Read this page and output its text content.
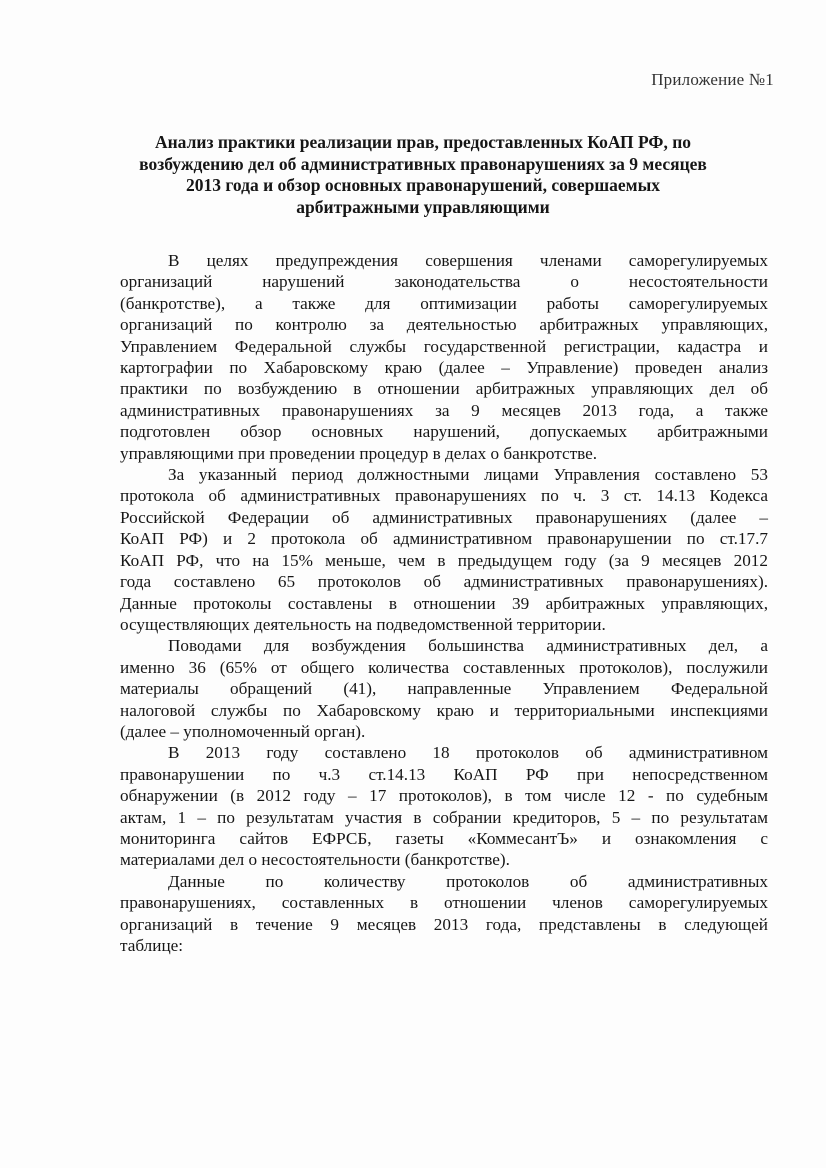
Приложение №1
Анализ практики реализации прав, предоставленных КоАП РФ, по
возбуждению дел об административных правонарушениях за 9 месяцев
2013 года и обзор основных правонарушений, совершаемых
арбитражными управляющими

В целях предупреждения совершения членами саморегулируемых
организаций нарушений законодательства о несостоятельности
(банкротстве), а также для оптимизации работы саморегулируемых
организаций по контролю за деятельностью арбитражных управляющих,
Управлением Федеральной службы государственной регистрации, кадастра и
картографии по Хабаровскому краю (далее – Управление) проведен анализ
практики по возбуждению в отношении арбитражных управляющих дел об
административных правонарушениях за 9 месяцев 2013 года, а также
подготовлен обзор основных нарушений, допускаемых арбитражными
управляющими при проведении процедур в делах о банкротстве.

За указанный период должностными лицами Управления составлено 53
протокола об административных правонарушениях по ч. 3 ст. 14.13 Кодекса
Российской Федерации об административных правонарушениях (далее –
КоАП РФ) и 2 протокола об административном правонарушении по ст.17.7
КоАП РФ, что на 15% меньше, чем в предыдущем году (за 9 месяцев 2012
года составлено 65 протоколов об административных правонарушениях).
Данные протоколы составлены в отношении 39 арбитражных управляющих,
осуществляющих деятельность на подведомственной территории.

Поводами для возбуждения большинства административных дел, а
именно 36 (65% от общего количества составленных протоколов), послужили
материалы обращений (41), направленные Управлением Федеральной
налоговой службы по Хабаровскому краю и территориальными инспекциями
(далее – уполномоченный орган).

В 2013 году составлено 18 протоколов об административном
правонарушении по ч.3 ст.14.13 КоАП РФ при непосредственном
обнаружении (в 2012 году – 17 протоколов), в том числе 12 - по судебным
актам, 1 – по результатам участия в собрании кредиторов, 5 – по результатам
мониторинга сайтов ЕФРСБ, газеты «КоммесантЪ» и ознакомления с
материалами дел о несостоятельности (банкротстве).

Данные по количеству протоколов об административных
правонарушениях, составленных в отношении членов саморегулируемых
организаций в течение 9 месяцев 2013 года, представлены в следующей
таблице:
